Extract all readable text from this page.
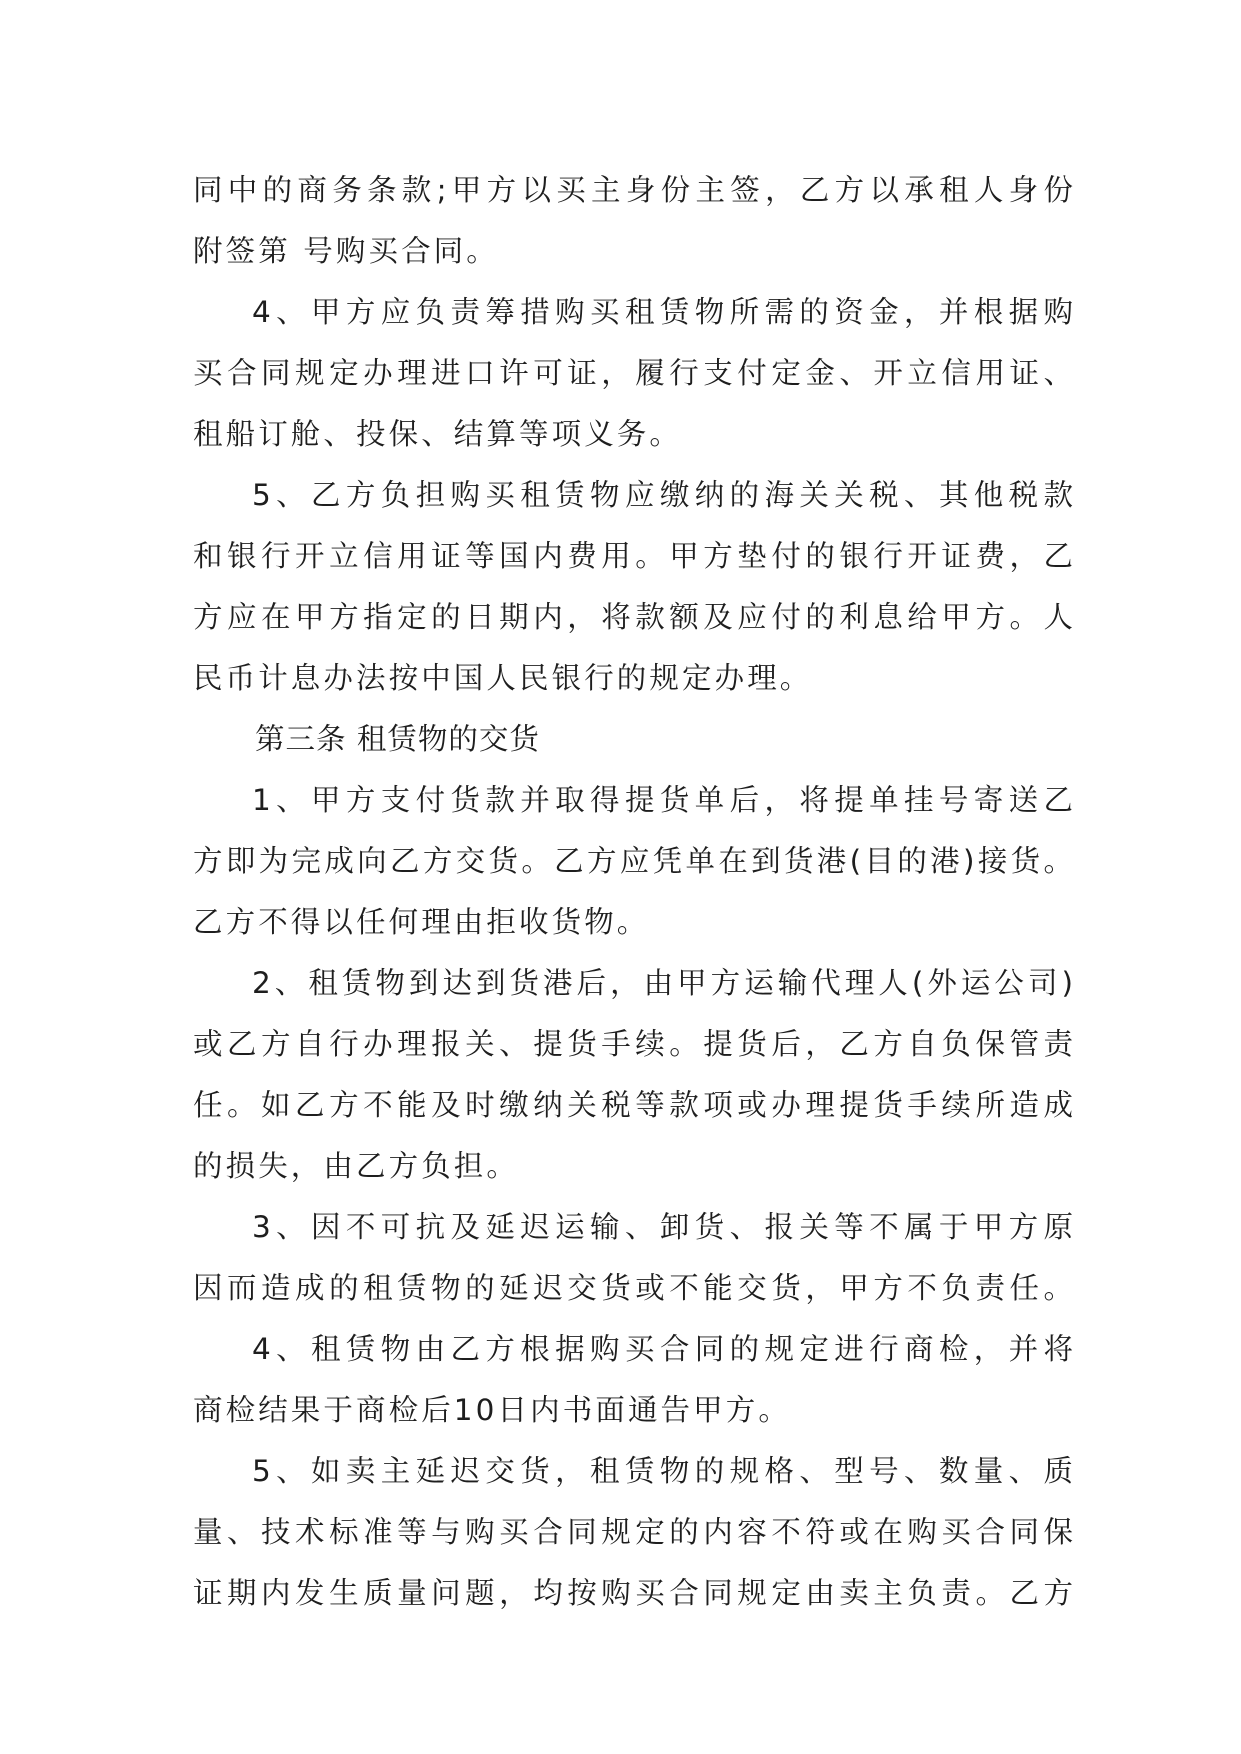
同中的商务条款;甲方以买主身份主签，乙方以承租人身份
附签第 号购买合同。
4、甲方应负责筹措购买租赁物所需的资金，并根据购
买合同规定办理进口许可证，履行支付定金、开立信用证、
租船订舱、投保、结算等项义务。
5、乙方负担购买租赁物应缴纳的海关关税、其他税款
和银行开立信用证等国内费用。甲方垫付的银行开证费，乙
方应在甲方指定的日期内，将款额及应付的利息给甲方。人
民币计息办法按中国人民银行的规定办理。
第三条 租赁物的交货
1、甲方支付货款并取得提货单后，将提单挂号寄送乙
方即为完成向乙方交货。乙方应凭单在到货港(目的港)接货。
乙方不得以任何理由拒收货物。
2、租赁物到达到货港后，由甲方运输代理人(外运公司)
或乙方自行办理报关、提货手续。提货后，乙方自负保管责
任。如乙方不能及时缴纳关税等款项或办理提货手续所造成
的损失，由乙方负担。
3、因不可抗及延迟运输、卸货、报关等不属于甲方原
因而造成的租赁物的延迟交货或不能交货，甲方不负责任。
4、租赁物由乙方根据购买合同的规定进行商检，并将
商检结果于商检后10日内书面通告甲方。
5、如卖主延迟交货，租赁物的规格、型号、数量、质
量、技术标准等与购买合同规定的内容不符或在购买合同保
证期内发生质量问题，均按购买合同规定由卖主负责。乙方
